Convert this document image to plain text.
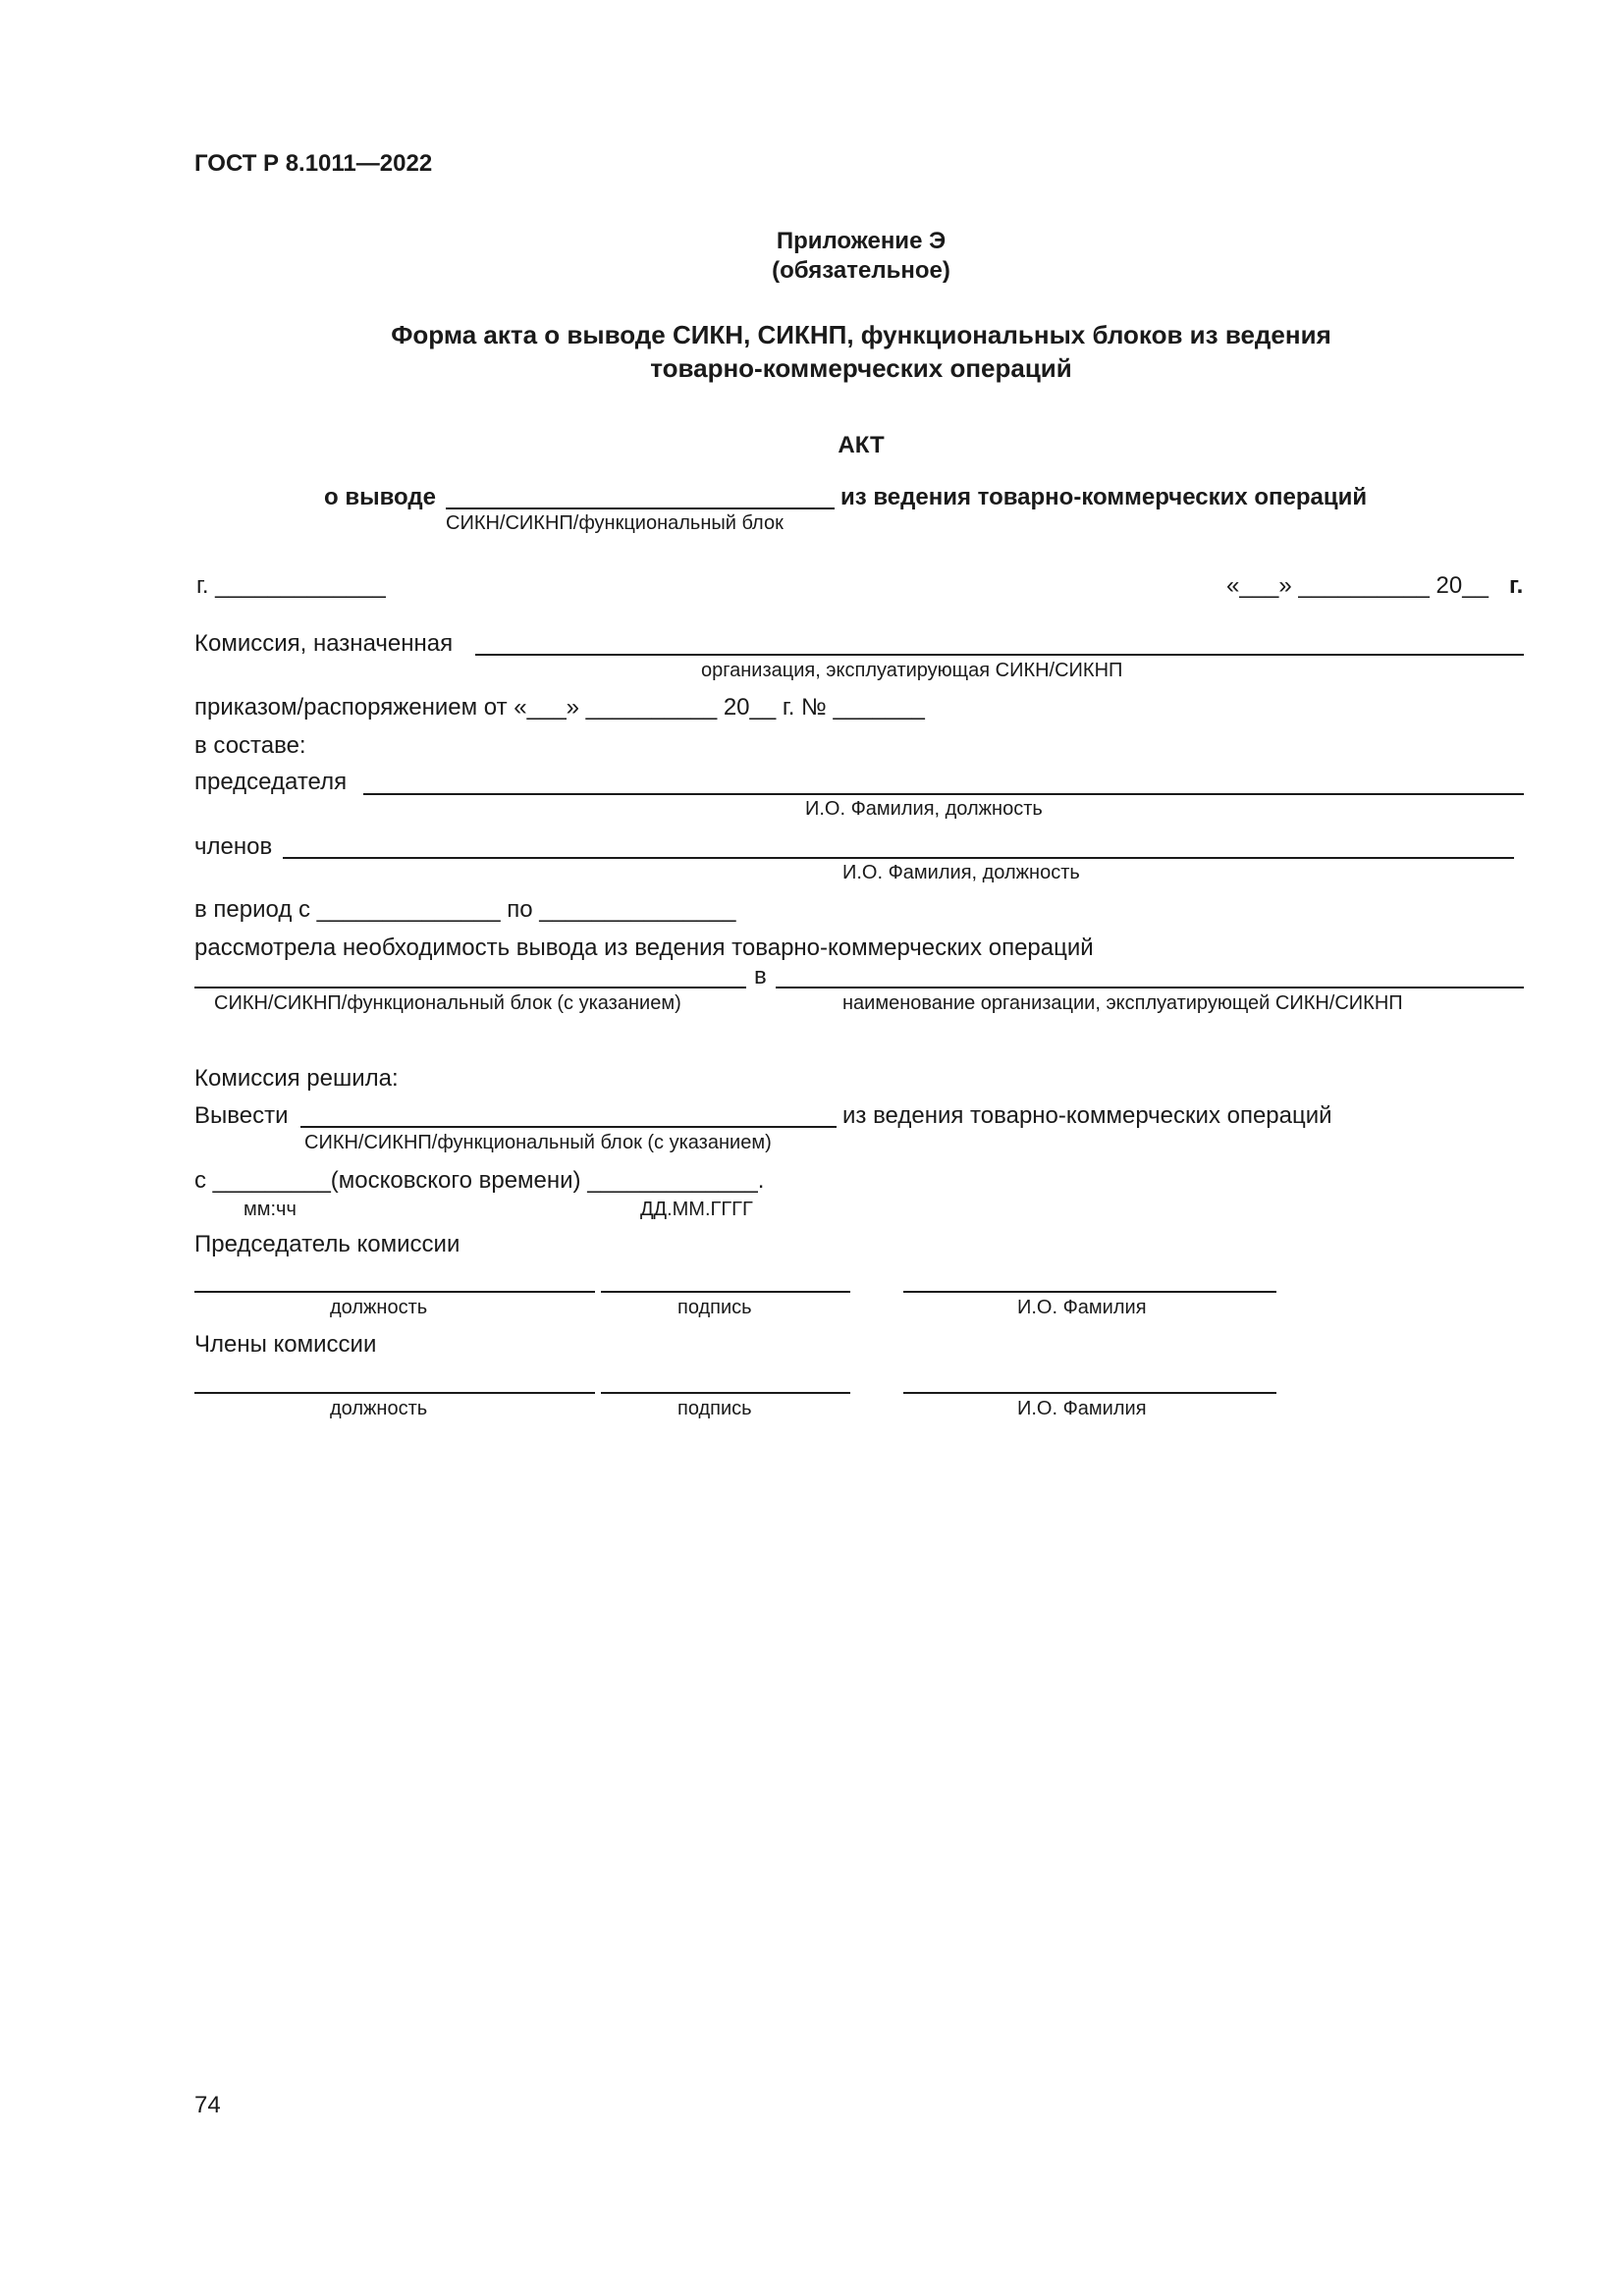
ГОСТ Р 8.1011—2022
Приложение Э
(обязательное)
Форма акта о выводе СИКН, СИКНП, функциональных блоков из ведения
товарно-коммерческих операций
АКТ
о выводе	из ведения товарно-коммерческих операций
СИКН/СИКНП/функциональный блок
г. _____________	«___» __________ 20__ г.
Комиссия, назначенная
организация, эксплуатирующая СИКН/СИКНП
приказом/распоряжением от «___» __________ 20__ г. № _______
в составе:
председателя
И.О. Фамилия, должность
членов
И.О. Фамилия, должность
в период с ______________ по _______________
рассмотрела необходимость вывода из ведения товарно-коммерческих операций
в
СИКН/СИКНП/функциональный блок (с указанием)	наименование организации, эксплуатирующей СИКН/СИКНП
Комиссия решила:
Вывести	из ведения товарно-коммерческих операций
СИКН/СИКНП/функциональный блок (с указанием)
с _________(московского времени) _____________.
мм:чч	ДД.ММ.ГГГГ
Председатель комиссии
должность	подпись	И.О. Фамилия
Члены комиссии
должность	подпись	И.О. Фамилия
74
